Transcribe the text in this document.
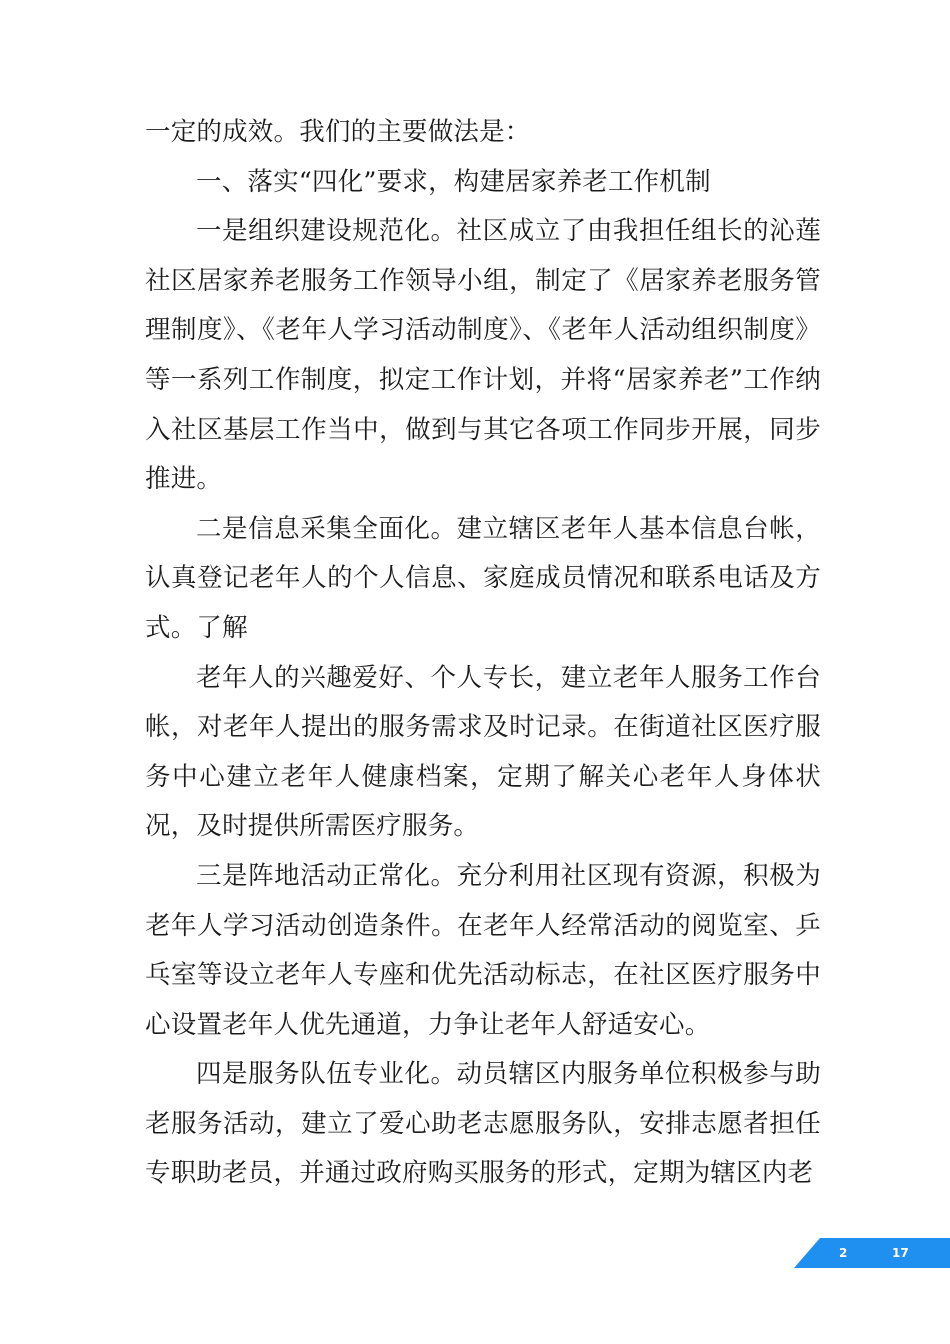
一定的成效。我们的主要做法是：

一、落实“四化”要求，构建居家养老工作机制

一是组织建设规范化。社区成立了由我担任组长的沁莲社区居家养老服务工作领导小组，制定了《居家养老服务管理制度》、《老年人学习活动制度》、《老年人活动组织制度》等一系列工作制度，拟定工作计划，并将“居家养老”工作纳入社区基层工作当中，做到与其它各项工作同步开展，同步推进。

二是信息采集全面化。建立辖区老年人基本信息台帐，认真登记老年人的个人信息、家庭成员情况和联系电话及方式。了解

老年人的兴趣爱好、个人专长，建立老年人服务工作台帐，对老年人提出的服务需求及时记录。在街道社区医疗服务中心建立老年人健康档案，定期了解关心老年人身体状况，及时提供所需医疗服务。

三是阵地活动正常化。充分利用社区现有资源，积极为老年人学习活动创造条件。在老年人经常活动的阅览室、乒乓室等设立老年人专座和优先活动标志，在社区医疗服务中心设置老年人优先通道，力争让老年人舒适安心。

四是服务队伍专业化。动员辖区内服务单位积极参与助老服务活动，建立了爱心助老志愿服务队，安排志愿者担任专职助老员，并通过政府购买服务的形式，定期为辖区内老

2	17
